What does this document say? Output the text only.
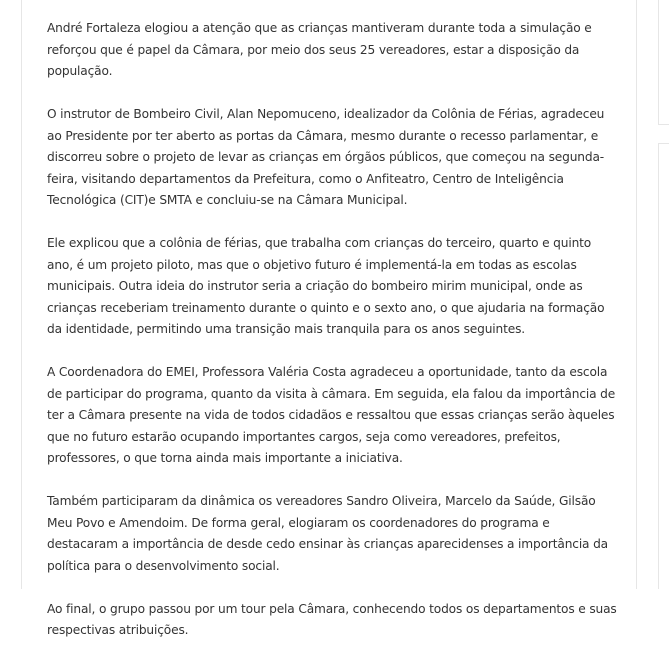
André Fortaleza elogiou a atenção que as crianças mantiveram durante toda a simulação e reforçou que é papel da Câmara, por meio dos seus 25 vereadores, estar a disposição da população.

O instrutor de Bombeiro Civil, Alan Nepomuceno, idealizador da Colônia de Férias, agradeceu ao Presidente por ter aberto as portas da Câmara, mesmo durante o recesso parlamentar, e discorreu sobre o projeto de levar as crianças em órgãos públicos, que começou na segunda-feira, visitando departamentos da Prefeitura, como o Anfiteatro, Centro de Inteligência Tecnológica (CIT)e SMTA e concluiu-se na Câmara Municipal.

Ele explicou que a colônia de férias, que trabalha com crianças do terceiro, quarto e quinto ano, é um projeto piloto, mas que o objetivo futuro é implementá-la em todas as escolas municipais. Outra ideia do instrutor seria a criação do bombeiro mirim municipal, onde as crianças receberiam treinamento durante o quinto e o sexto ano, o que ajudaria na formação da identidade, permitindo uma transição mais tranquila para os anos seguintes.

A Coordenadora do EMEI, Professora Valéria Costa agradeceu a oportunidade, tanto da escola de participar do programa, quanto da visita à câmara. Em seguida, ela falou da importância de ter a Câmara presente na vida de todos cidadãos e ressaltou que essas crianças serão àqueles que no futuro estarão ocupando importantes cargos, seja como vereadores, prefeitos, professores, o que torna ainda mais importante a iniciativa.

Também participaram da dinâmica os vereadores Sandro Oliveira, Marcelo da Saúde, Gilsão Meu Povo e Amendoim. De forma geral, elogiaram os coordenadores do programa e destacaram a importância de desde cedo ensinar às crianças aparecidenses a importância da política para o desenvolvimento social.

Ao final, o grupo passou por um tour pela Câmara, conhecendo todos os departamentos e suas respectivas atribuições.
